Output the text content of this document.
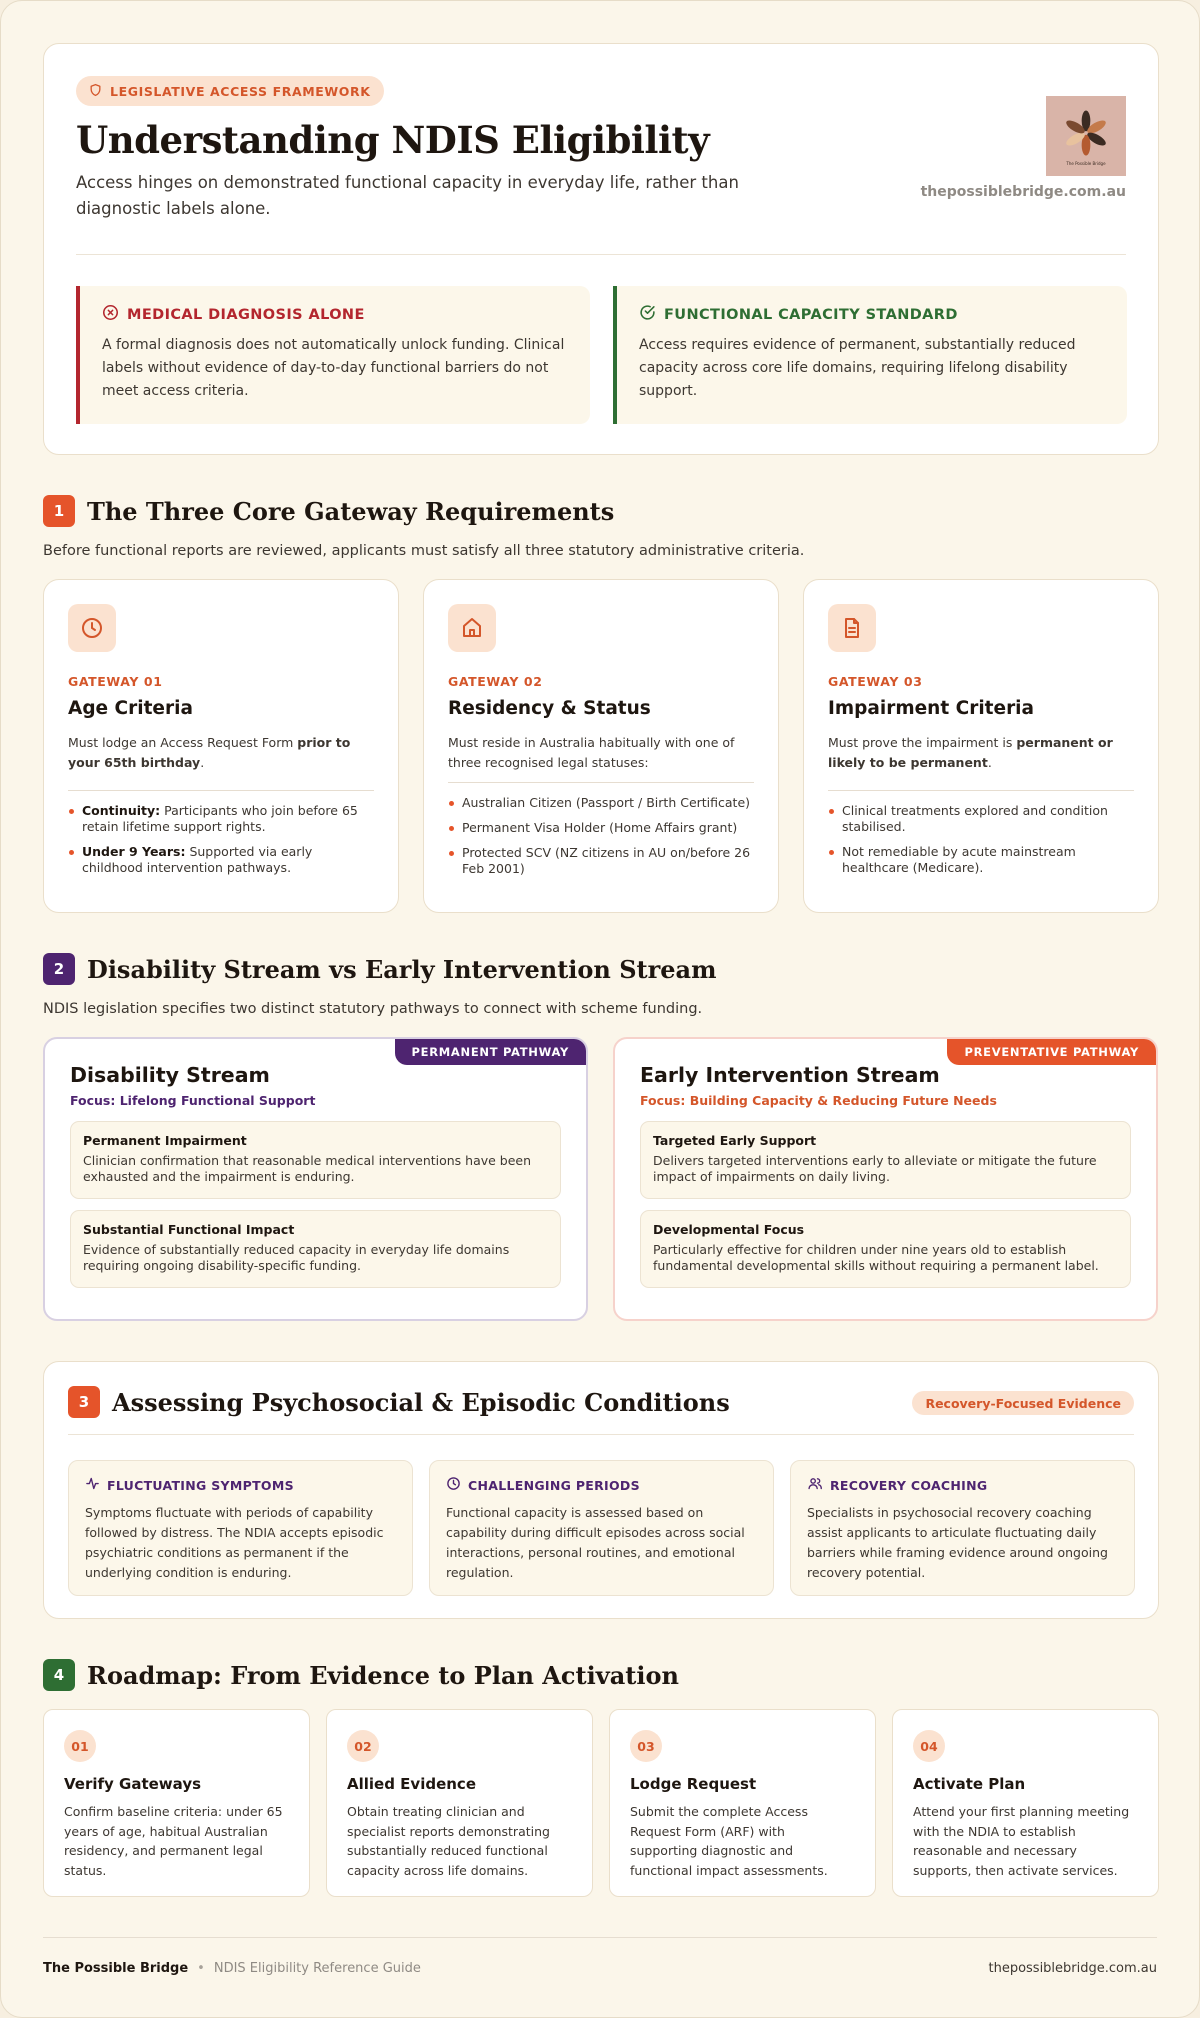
LEGISLATIVE ACCESS FRAMEWORK
Understanding NDIS Eligibility

Access hinges on demonstrated functional capacity in everyday life, rather than diagnostic labels alone.

The Possible Bridge
thepossiblebridge.com.au
MEDICAL DIAGNOSIS ALONE

A formal diagnosis does not automatically unlock funding. Clinical labels without evidence of day-to-day functional barriers do not meet access criteria.

FUNCTIONAL CAPACITY STANDARD

Access requires evidence of permanent, substantially reduced capacity across core life domains, requiring lifelong disability support.

1 The Three Core Gateway Requirements

Before functional reports are reviewed, applicants must satisfy all three statutory administrative criteria.

GATEWAY 01
Age Criteria

Must lodge an Access Request Form prior to your 65th birthday.

Continuity: Participants who join before 65 retain lifetime support rights.
Under 9 Years: Supported via early childhood intervention pathways.
GATEWAY 02
Residency & Status

Must reside in Australia habitually with one of three recognised legal statuses:

Australian Citizen (Passport / Birth Certificate)
Permanent Visa Holder (Home Affairs grant)
Protected SCV (NZ citizens in AU on/before 26 Feb 2001)
GATEWAY 03
Impairment Criteria

Must prove the impairment is permanent or likely to be permanent.

Clinical treatments explored and condition stabilised.
Not remediable by acute mainstream healthcare (Medicare).
2 Disability Stream vs Early Intervention Stream

NDIS legislation specifies two distinct statutory pathways to connect with scheme funding.

PERMANENT PATHWAY
Disability Stream
Focus: Lifelong Functional Support
Permanent Impairment
Clinician confirmation that reasonable medical interventions have been exhausted and the impairment is enduring.
Substantial Functional Impact
Evidence of substantially reduced capacity in everyday life domains requiring ongoing disability-specific funding.
PREVENTATIVE PATHWAY
Early Intervention Stream
Focus: Building Capacity & Reducing Future Needs
Targeted Early Support
Delivers targeted interventions early to alleviate or mitigate the future impact of impairments on daily living.
Developmental Focus
Particularly effective for children under nine years old to establish fundamental developmental skills without requiring a permanent label.
3 Assessing Psychosocial & Episodic Conditions	Recovery-Focused Evidence
FLUCTUATING SYMPTOMS

Symptoms fluctuate with periods of capability followed by distress. The NDIA accepts episodic psychiatric conditions as permanent if the underlying condition is enduring.

CHALLENGING PERIODS

Functional capacity is assessed based on capability during difficult episodes across social interactions, personal routines, and emotional regulation.

RECOVERY COACHING

Specialists in psychosocial recovery coaching assist applicants to articulate fluctuating daily barriers while framing evidence around ongoing recovery potential.

4 Roadmap: From Evidence to Plan Activation
01
Verify Gateways

Confirm baseline criteria: under 65 years of age, habitual Australian residency, and permanent legal status.

02
Allied Evidence

Obtain treating clinician and specialist reports demonstrating substantially reduced functional capacity across life domains.

03
Lodge Request

Submit the complete Access Request Form (ARF) with supporting diagnostic and functional impact assessments.

04
Activate Plan

Attend your first planning meeting with the NDIA to establish reasonable and necessary supports, then activate services.

The Possible Bridge • NDIS Eligibility Reference Guide	thepossiblebridge.com.au
